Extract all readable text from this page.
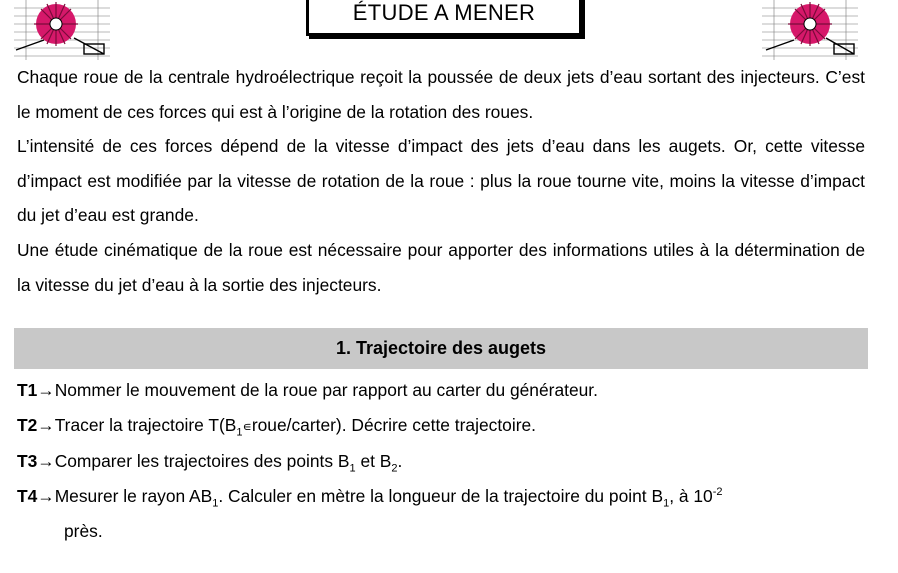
ÉTUDE A MENER

Chaque roue de la centrale hydroélectrique reçoit la poussée de deux jets d’eau sortant des injecteurs. C’est le moment de ces forces qui est à l’origine de la rotation des roues.

L’intensité de ces forces dépend de la vitesse d’impact des jets d’eau dans les augets. Or, cette vitesse d’impact est modifiée par la vitesse de rotation de la roue : plus la roue tourne vite, moins la vitesse d’impact du jet d’eau est grande.

Une étude cinématique de la roue est nécessaire pour apporter des informations utiles à la détermination de la vitesse du jet d’eau à la sortie des injecteurs.

1. Trajectoire des augets

T1→Nommer le mouvement de la roue par rapport au carter du générateur.

T2→Tracer la trajectoire $T(B_1∊roue/carter)$. Décrire cette trajectoire.

T3→Comparer les trajectoires des points $B_1$ et $B_2$.

T4→Mesurer le rayon $AB_1$. Calculer en mètre la longueur de la trajectoire du point $B_1$, à $10^{-2}$
près.
